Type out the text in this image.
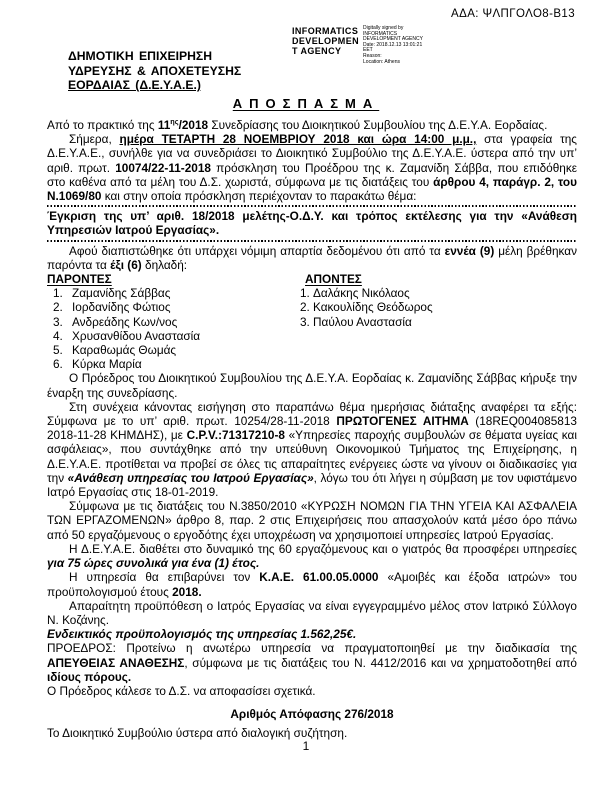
ΑΔΑ: ΨΛΠΓΟΛΟ8-Β13
ΔΗΜΟΤΙΚΗ ΕΠΙΧΕΙΡΗΣΗ
ΥΔΡΕΥΣΗΣ & ΑΠΟΧΕΤΕΥΣΗΣ
ΕΟΡΔΑΙΑΣ (Δ.Ε.Υ.Α.Ε.)
INFORMATICS
DEVELOPMEN
T AGENCY
Digitally signed by
INFORMATICS
DEVELOPMENT AGENCY
Date: 2018.12.13 13:01:21
EET
Reason:
Location: Athens
ΑΠΟΣΠΑΣΜΑ
Από το πρακτικό της $11^{\eta\varsigma}/2018$ Συνεδρίασης του Διοικητικού Συμβουλίου της Δ.Ε.Υ.Α. Εορδαίας.
Σήμερα, ημέρα ΤΕΤΑΡΤΗ 28 ΝΟΕΜΒΡΙΟΥ 2018 και ώρα 14:00 μ.μ., στα γραφεία της Δ.Ε.Υ.Α.Ε., συνήλθε για να συνεδριάσει το Διοικητικό Συμβούλιο της Δ.Ε.Υ.Α.Ε. ύστερα από την υπ’ αριθ. πρωτ. 10074/22-11-2018 πρόσκληση του Προέδρου της κ. Ζαμανίδη Σάββα, που επιδόθηκε στο καθένα από τα μέλη του Δ.Σ. χωριστά, σύμφωνα με τις διατάξεις του άρθρου 4, παράγρ. 2, του Ν.1069/80 και στην οποία πρόσκληση περιέχονταν το παρακάτω θέμα:
Έγκριση της υπ’ αριθ. 18/2018 μελέτης-Ο.Δ.Υ. και τρόπος εκτέλεσης για την «Ανάθεση Υπηρεσιών Ιατρού Εργασίας».
Αφού διαπιστώθηκε ότι υπάρχει νόμιμη απαρτία δεδομένου ότι από τα εννέα (9) μέλη βρέθηκαν παρόντα τα έξι (6) δηλαδή:
ΠΑΡΟΝΤΕΣ	ΑΠΟΝΤΕΣ
1. Ζαμανίδης Σάββας
2. Ιορδανίδης Φώτιος
3. Ανδρεάδης Κων/νος
4. Χρυσανθίδου Αναστασία
5. Καραθωμάς Θωμάς
6. Κύρκα Μαρία
1. Δαλάκης Νικόλαος
2. Κακουλίδης Θεόδωρος
3. Παύλου Αναστασία
Ο Πρόεδρος του Διοικητικού Συμβουλίου της Δ.Ε.Υ.Α. Εορδαίας κ. Ζαμανίδης Σάββας κήρυξε την έναρξη της συνεδρίασης.
Στη συνέχεια κάνοντας εισήγηση στο παραπάνω θέμα ημερήσιας διάταξης αναφέρει τα εξής: Σύμφωνα με το υπ’ αριθ. πρωτ. 10254/28-11-2018 ΠΡΩΤΟΓΕΝΕΣ ΑΙΤΗΜΑ (18REQ004085813 2018-11-28 ΚΗΜΔΗΣ), με C.P.V.:71317210-8 «Υπηρεσίες παροχής συμβουλών σε θέματα υγείας και ασφάλειας», που συντάχθηκε από την υπεύθυνη Οικονομικού Τμήματος της Επιχείρησης, η Δ.Ε.Υ.Α.Ε. προτίθεται να προβεί σε όλες τις απαραίτητες ενέργειες ώστε να γίνουν οι διαδικασίες για την «Ανάθεση υπηρεσίας του Ιατρού Εργασίας», λόγω του ότι λήγει η σύμβαση με τον υφιστάμενο Ιατρό Εργασίας στις 18-01-2019.
Σύμφωνα με τις διατάξεις του Ν.3850/2010 «ΚΥΡΩΣΗ ΝΟΜΩΝ ΓΙΑ ΤΗΝ ΥΓΕΙΑ ΚΑΙ ΑΣΦΑΛΕΙΑ ΤΩΝ ΕΡΓΑΖΟΜΕΝΩΝ» άρθρο 8, παρ. 2 στις Επιχειρήσεις που απασχολούν κατά μέσο όρο πάνω από 50 εργαζόμενους ο εργοδότης έχει υποχρέωση να χρησιμοποιεί υπηρεσίες Ιατρού Εργασίας.
Η Δ.Ε.Υ.Α.Ε. διαθέτει στο δυναμικό της 60 εργαζόμενους και ο γιατρός θα προσφέρει υπηρεσίες για 75 ώρες συνολικά για ένα (1) έτος.
Η υπηρεσία θα επιβαρύνει τον Κ.Α.Ε. 61.00.05.0000 «Αμοιβές και έξοδα ιατρών» του προϋπολογισμού έτους 2018.
Απαραίτητη προϋπόθεση ο Ιατρός Εργασίας να είναι εγγεγραμμένο μέλος στον Ιατρικό Σύλλογο Ν. Κοζάνης.
Ενδεικτικός προϋπολογισμός της υπηρεσίας 1.562,25€.
ΠΡΟΕΔΡΟΣ: Προτείνω η ανωτέρω υπηρεσία να πραγματοποιηθεί με την διαδικασία της ΑΠΕΥΘΕΙΑΣ ΑΝΑΘΕΣΗΣ, σύμφωνα με τις διατάξεις του Ν. 4412/2016 και να χρηματοδοτηθεί από ιδίους πόρους.
Ο Πρόεδρος κάλεσε το Δ.Σ. να αποφασίσει σχετικά.
Αριθμός Απόφασης 276/2018
Το Διοικητικό Συμβούλιο ύστερα από διαλογική συζήτηση.
1
